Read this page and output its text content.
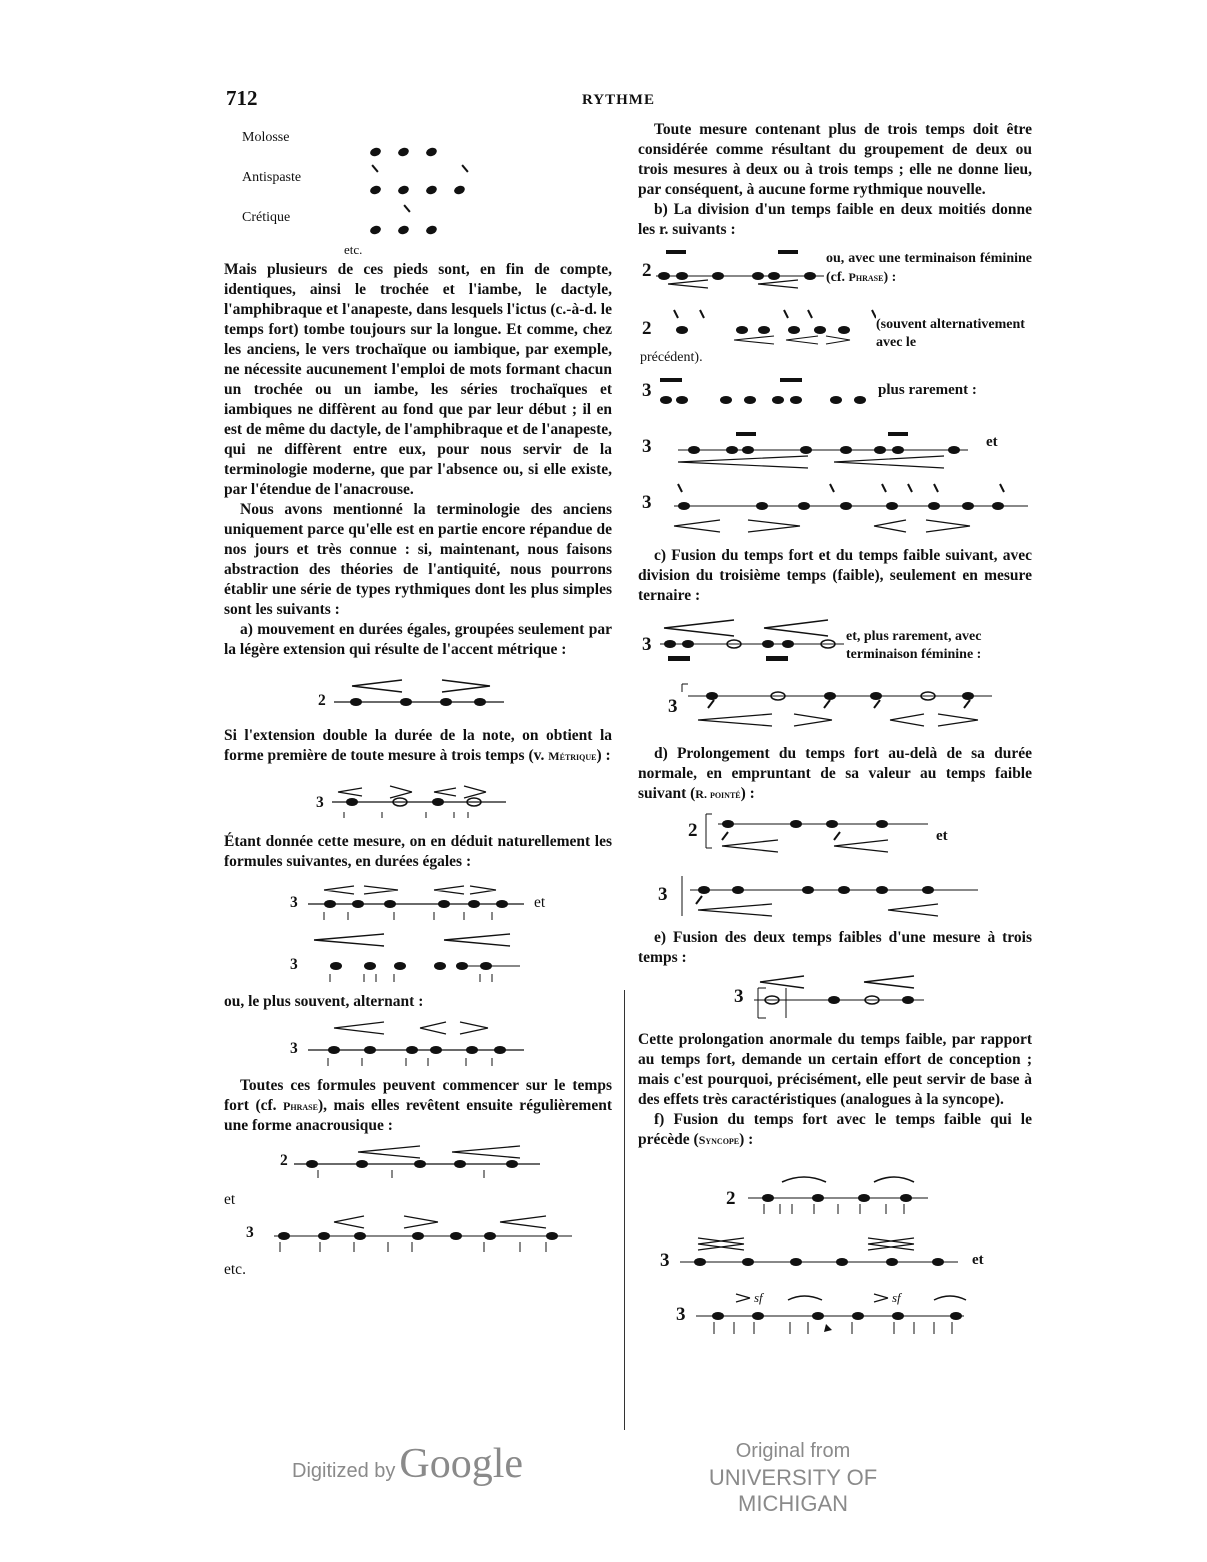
712	RYTHME
Molosse
Antispaste
Crétique
etc.

Mais plusieurs de ces pieds sont, en fin de compte, identiques, ainsi le trochée et l'iambe, le dactyle, l'amphibraque et l'anapeste, dans lesquels l'ictus (c.-à-d. le temps fort) tombe toujours sur la longue. Et comme, chez les anciens, le vers trochaïque ou iambique, par exemple, ne nécessite aucunement l'emploi de mots formant chacun un trochée ou un iambe, les séries trochaïques et iambiques ne diffèrent au fond que par leur début ; il en est de même du dactyle, de l'amphibraque et de l'anapeste, qui ne diffèrent entre eux, pour nous servir de la terminologie moderne, que par l'absence ou, si elle existe, par l'étendue de l'anacrouse.

Nous avons mentionné la terminologie des anciens uniquement parce qu'elle est en partie encore répandue de nos jours et très connue : si, maintenant, nous faisons abstraction des théories de l'antiquité, nous pourrons établir une série de types rythmiques dont les plus simples sont les suivants :

a) mouvement en durées égales, groupées seulement par la légère extension qui résulte de l'accent métrique :

2

Si l'extension double la durée de la note, on obtient la forme première de toute mesure à trois temps (v. Métrique) :

3

Étant donnée cette mesure, on en déduit naturellement les formules suivantes, en durées égales :

3	et
3

ou, le plus souvent, alternant :

3

Toutes ces formules peuvent commencer sur le temps fort (cf. Phrase), mais elles revêtent ensuite régulièrement une forme anacrousique :

2

et

3

etc.

Toute mesure contenant plus de trois temps doit être considérée comme résultant du groupement de deux ou trois mesures à deux ou à trois temps ; elle ne donne lieu, par conséquent, à aucune forme rythmique nouvelle.

b) La division d'un temps faible en deux moitiés donne les r. suivants :

2

ou, avec une terminaison féminine (cf. Phrase) :

2	(souvent alternativement avec le
précédent).
3	plus rarement :
3	et
3

c) Fusion du temps fort et du temps faible suivant, avec division du troisième temps (faible), seulement en mesure ternaire :

3	et, plus rarement, avec terminaison féminine :
3

d) Prolongement du temps fort au-delà de sa durée normale, en empruntant de sa valeur au temps faible suivant (R. pointé) :

2	et
3

e) Fusion des deux temps faibles d'une mesure à trois temps :

3

Cette prolongation anormale du temps faible, par rapport au temps fort, demande un certain effort de conception ; mais c'est pourquoi, précisément, elle peut servir de base à des effets très caractéristiques (analogues à la syncope).

f) Fusion du temps fort avec le temps faible qui le précède (Syncope) :

2
3	et
3
sf	sf
Digitized by Google	Original from
UNIVERSITY OF MICHIGAN
